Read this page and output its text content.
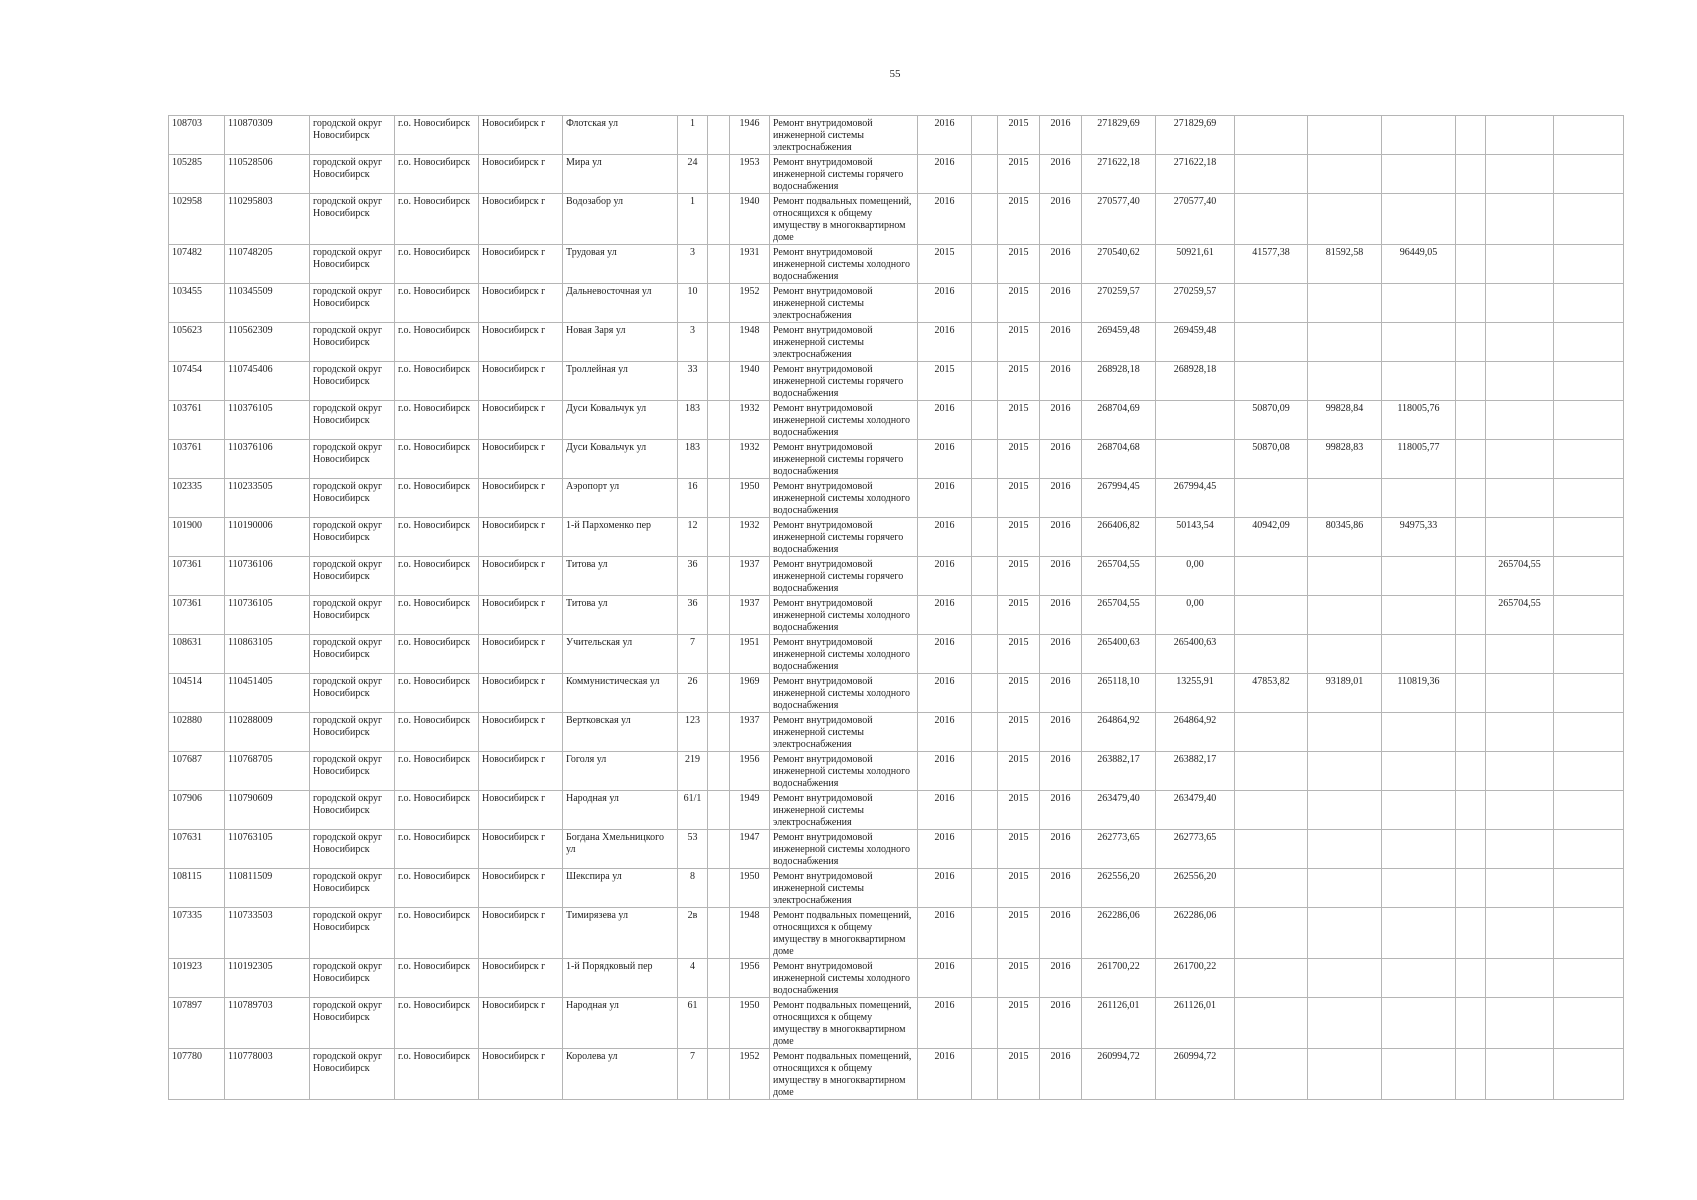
55
108703	110870309	городской округ Новосибирск	г.о. Новосибирск	Новосибирск г	Флотская ул	1		1946	Ремонт внутридомовой инженерной системы электроснабжения	2016		2015	2016	271829,69	271829,69						

105285	110528506	городской округ Новосибирск	г.о. Новосибирск	Новосибирск г	Мира ул	24		1953	Ремонт внутридомовой инженерной системы горячего водоснабжения	2016		2015	2016	271622,18	271622,18						

102958	110295803	городской округ Новосибирск	г.о. Новосибирск	Новосибирск г	Водозабор ул	1		1940	Ремонт подвальных помещений, относящихся к общему имуществу в многоквартирном доме	2016		2015	2016	270577,40	270577,40						

107482	110748205	городской округ Новосибирск	г.о. Новосибирск	Новосибирск г	Трудовая ул	3		1931	Ремонт внутридомовой инженерной системы холодного водоснабжения	2015		2015	2016	270540,62	50921,61	41577,38	81592,58	96449,05			

103455	110345509	городской округ Новосибирск	г.о. Новосибирск	Новосибирск г	Дальневосточная ул	10		1952	Ремонт внутридомовой инженерной системы электроснабжения	2016		2015	2016	270259,57	270259,57						

105623	110562309	городской округ Новосибирск	г.о. Новосибирск	Новосибирск г	Новая Заря ул	3		1948	Ремонт внутридомовой инженерной системы электроснабжения	2016		2015	2016	269459,48	269459,48						

107454	110745406	городской округ Новосибирск	г.о. Новосибирск	Новосибирск г	Троллейная ул	33		1940	Ремонт внутридомовой инженерной системы горячего водоснабжения	2015		2015	2016	268928,18	268928,18						

103761	110376105	городской округ Новосибирск	г.о. Новосибирск	Новосибирск г	Дуси Ковальчук ул	183		1932	Ремонт внутридомовой инженерной системы холодного водоснабжения	2016		2015	2016	268704,69		50870,09	99828,84	118005,76			

103761	110376106	городской округ Новосибирск	г.о. Новосибирск	Новосибирск г	Дуси Ковальчук ул	183		1932	Ремонт внутридомовой инженерной системы горячего водоснабжения	2016		2015	2016	268704,68		50870,08	99828,83	118005,77			

102335	110233505	городской округ Новосибирск	г.о. Новосибирск	Новосибирск г	Аэропорт ул	16		1950	Ремонт внутридомовой инженерной системы холодного водоснабжения	2016		2015	2016	267994,45	267994,45						

101900	110190006	городской округ Новосибирск	г.о. Новосибирск	Новосибирск г	1-й Пархоменко пер	12		1932	Ремонт внутридомовой инженерной системы горячего водоснабжения	2016		2015	2016	266406,82	50143,54	40942,09	80345,86	94975,33			

107361	110736106	городской округ Новосибирск	г.о. Новосибирск	Новосибирск г	Титова ул	36		1937	Ремонт внутридомовой инженерной системы горячего водоснабжения	2016		2015	2016	265704,55	0,00					265704,55	

107361	110736105	городской округ Новосибирск	г.о. Новосибирск	Новосибирск г	Титова ул	36		1937	Ремонт внутридомовой инженерной системы холодного водоснабжения	2016		2015	2016	265704,55	0,00					265704,55	

108631	110863105	городской округ Новосибирск	г.о. Новосибирск	Новосибирск г	Учительская ул	7		1951	Ремонт внутридомовой инженерной системы холодного водоснабжения	2016		2015	2016	265400,63	265400,63						

104514	110451405	городской округ Новосибирск	г.о. Новосибирск	Новосибирск г	Коммунистическая ул	26		1969	Ремонт внутридомовой инженерной системы холодного водоснабжения	2016		2015	2016	265118,10	13255,91	47853,82	93189,01	110819,36			

102880	110288009	городской округ Новосибирск	г.о. Новосибирск	Новосибирск г	Вертковская ул	123		1937	Ремонт внутридомовой инженерной системы электроснабжения	2016		2015	2016	264864,92	264864,92						

107687	110768705	городской округ Новосибирск	г.о. Новосибирск	Новосибирск г	Гоголя ул	219		1956	Ремонт внутридомовой инженерной системы холодного водоснабжения	2016		2015	2016	263882,17	263882,17						

107906	110790609	городской округ Новосибирск	г.о. Новосибирск	Новосибирск г	Народная ул	61/1		1949	Ремонт внутридомовой инженерной системы электроснабжения	2016		2015	2016	263479,40	263479,40						

107631	110763105	городской округ Новосибирск	г.о. Новосибирск	Новосибирск г	Богдана Хмельницкого ул	53		1947	Ремонт внутридомовой инженерной системы холодного водоснабжения	2016		2015	2016	262773,65	262773,65						

108115	110811509	городской округ Новосибирск	г.о. Новосибирск	Новосибирск г	Шекспира ул	8		1950	Ремонт внутридомовой инженерной системы электроснабжения	2016		2015	2016	262556,20	262556,20						

107335	110733503	городской округ Новосибирск	г.о. Новосибирск	Новосибирск г	Тимирязева ул	2в		1948	Ремонт подвальных помещений, относящихся к общему имуществу в многоквартирном доме	2016		2015	2016	262286,06	262286,06						

101923	110192305	городской округ Новосибирск	г.о. Новосибирск	Новосибирск г	1-й Порядковый пер	4		1956	Ремонт внутридомовой инженерной системы холодного водоснабжения	2016		2015	2016	261700,22	261700,22						

107897	110789703	городской округ Новосибирск	г.о. Новосибирск	Новосибирск г	Народная ул	61		1950	Ремонт подвальных помещений, относящихся к общему имуществу в многоквартирном доме	2016		2015	2016	261126,01	261126,01						

107780	110778003	городской округ Новосибирск	г.о. Новосибирск	Новосибирск г	Королева ул	7		1952	Ремонт подвальных помещений, относящихся к общему имуществу в многоквартирном доме	2016		2015	2016	260994,72	260994,72						
